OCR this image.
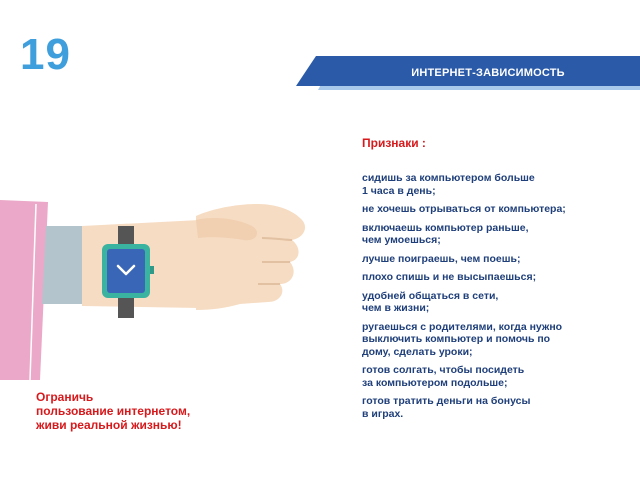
19	ИНТЕРНЕТ-ЗАВИСИМОСТЬ
Признаки :
сидишь за компьютером больше
1 часа в день;
не хочешь отрываться от компьютера;
включаешь компьютер раньше,
чем умоешься;
лучше поиграешь, чем поешь;
плохо спишь и не высыпаешься;
удобней общаться в сети,
чем в жизни;
ругаешься с родителями, когда нужно
выключить компьютер и помочь по
дому, сделать уроки;
готов солгать, чтобы посидеть
за компьютером подольше;
готов тратить деньги на бонусы
в играх.
Ограничь
пользование интернетом,
живи реальной жизнью!
